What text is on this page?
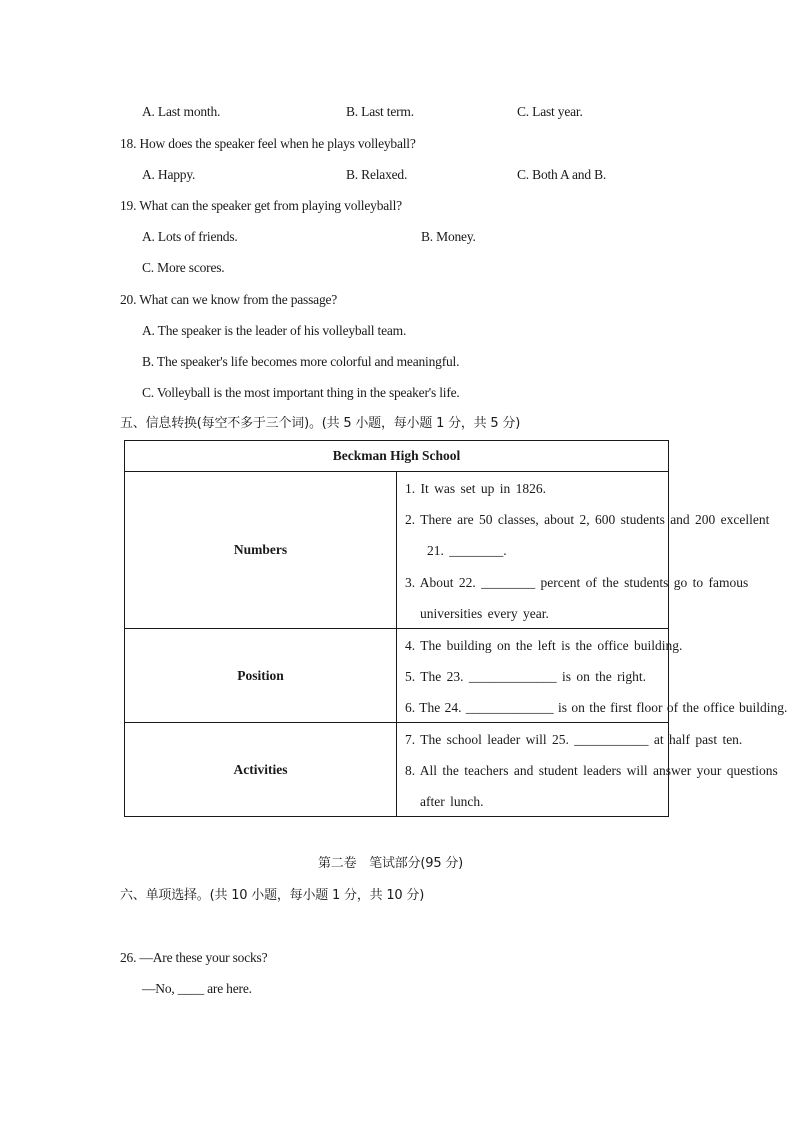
A. Last month.	B. Last term.	C. Last year.
18. How does the speaker feel when he plays volleyball?
A. Happy.	B. Relaxed.	C. Both A and B.
19. What can the speaker get from playing volleyball?
A. Lots of friends.	B. Money.
C. More scores.
20. What can we know from the passage?
A. The speaker is the leader of his volleyball team.
B. The speaker's life becomes more colorful and meaningful.
C. Volleyball is the most important thing in the speaker's life.
五、信息转换(每空不多于三个词)。(共 5 小题，每小题 1 分，共 5 分)
Beckman High School	
Numbers	1. It was set up in 1826.
2. There are 50 classes, about 2, 600 students and 200 excellent
21. ________.
3. About 22. ________ percent of the students go to famous
universities every year.

Position	4. The building on the left is the office building.
5. The 23. _____________ is on the right.
6. The 24. _____________ is on the first floor of the office building.

Activities	7. The school leader will 25. ___________ at half past ten.
8. All the teachers and student leaders will answer your questions
after lunch.
第二卷　笔试部分(95 分)
六、单项选择。(共 10 小题，每小题 1 分，共 10 分)
26. —Are these your socks?
—No, ____ are here.
